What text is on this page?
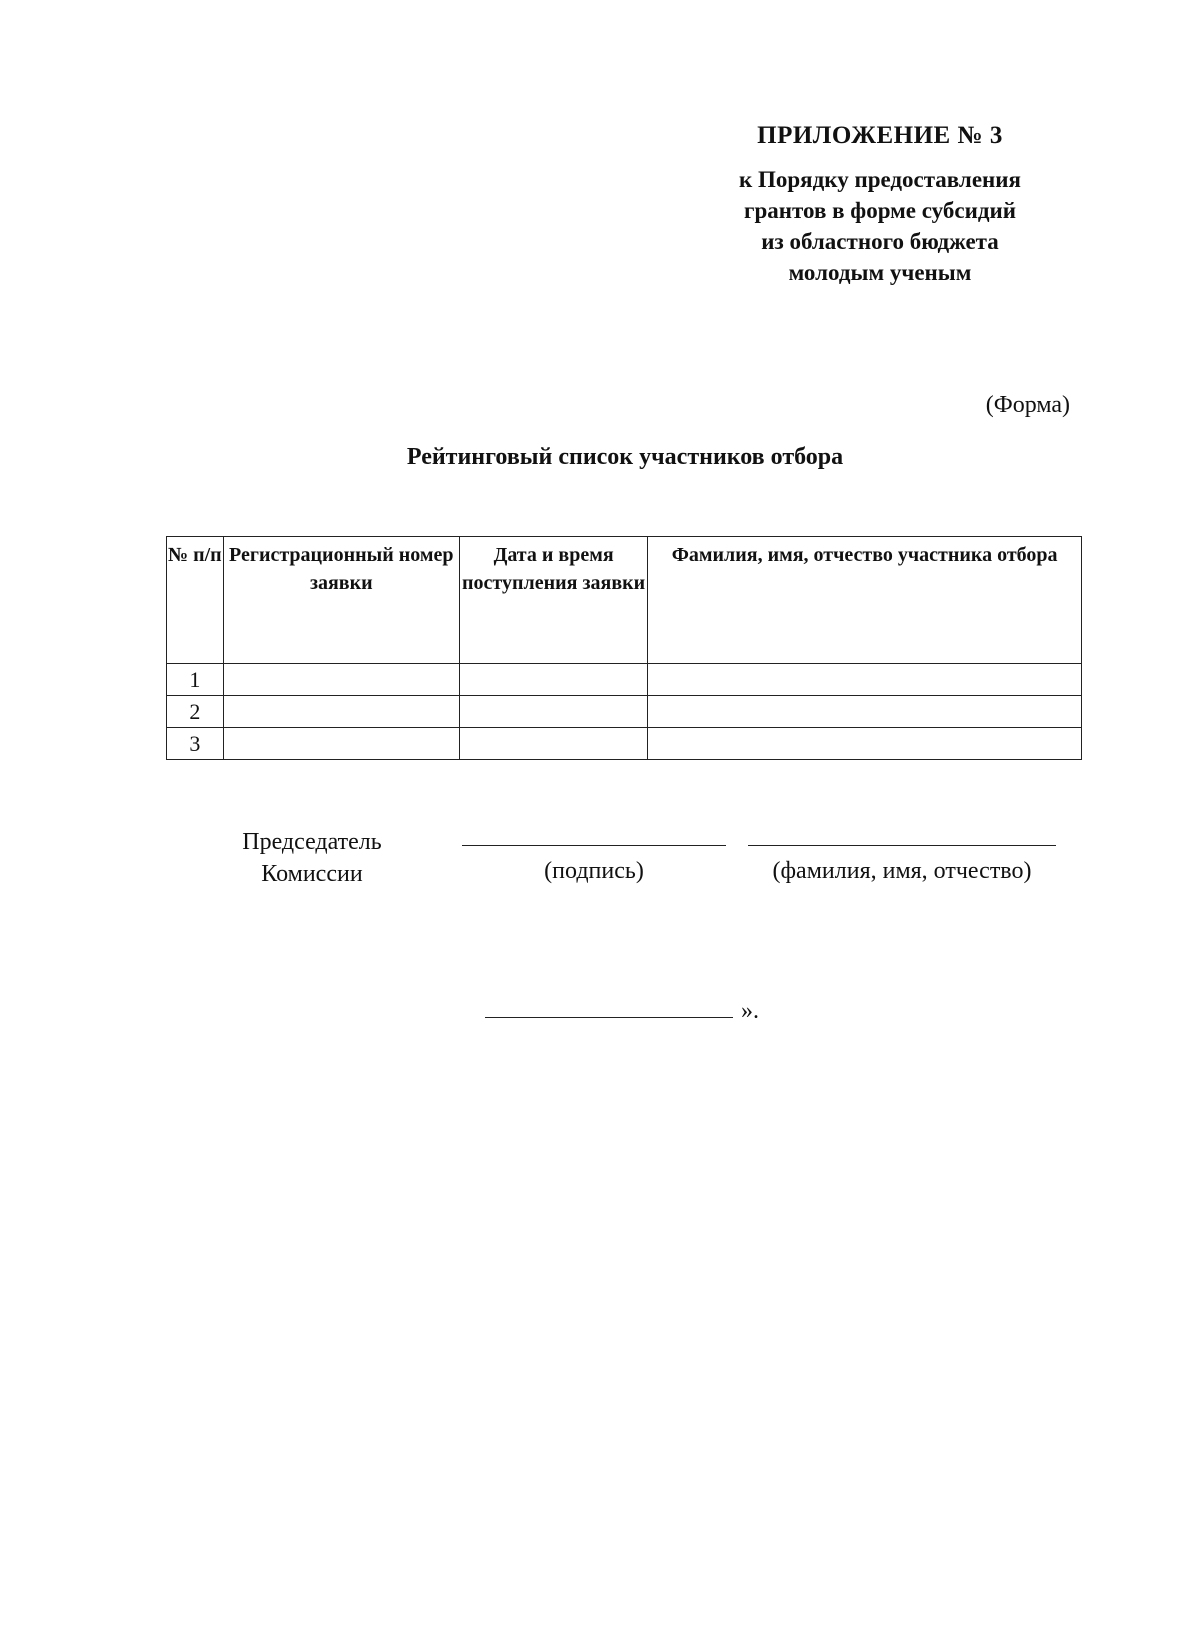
ПРИЛОЖЕНИЕ № 3
к Порядку предоставления
грантов в форме субсидий
из областного бюджета
молодым ученым
(Форма)
Рейтинговый список участников отбора
№ п/п	Регистрационный номер заявки	Дата и время поступления заявки	Фамилия, имя, отчество участника отбора
1			
2			
3			
Председатель
Комиссии	(подпись)	(фамилия, имя, отчество)
».
